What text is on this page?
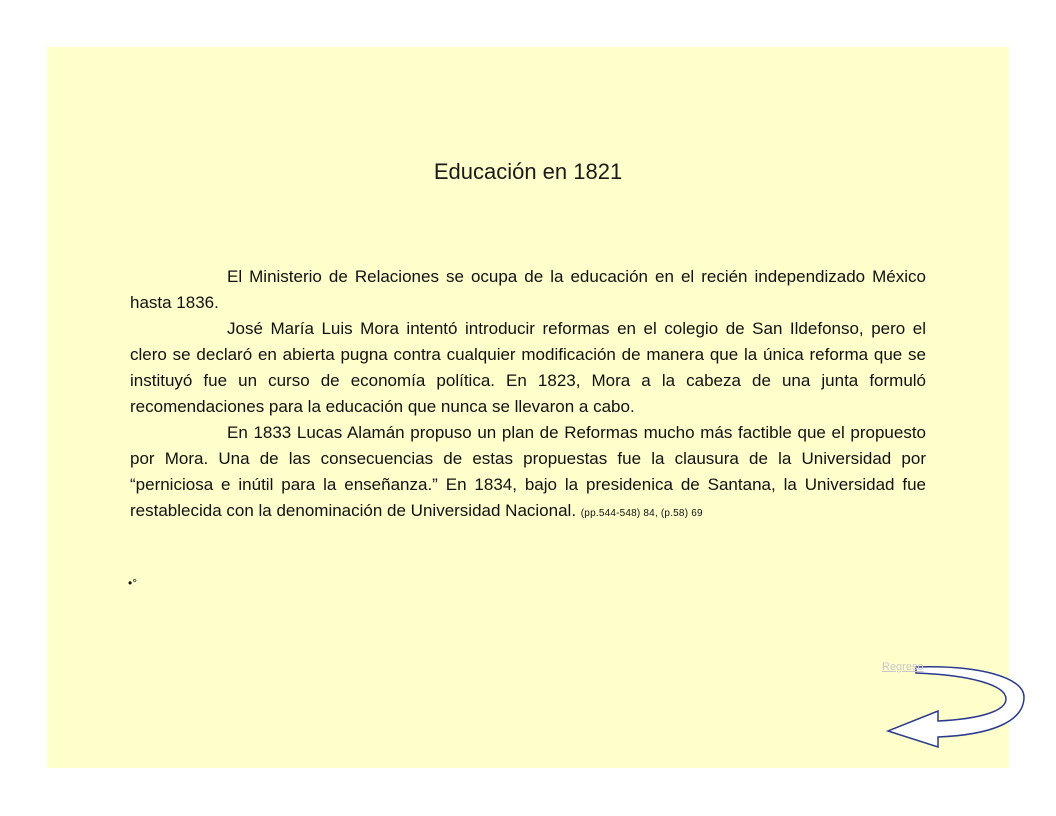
Educación en 1821

El Ministerio de Relaciones se ocupa de la educación en el recién independizado México hasta 1836.

José María Luis Mora intentó introducir reformas en el colegio de San Ildefonso, pero el clero se declaró en abierta pugna contra cualquier modificación de manera que la única reforma que se instituyó fue un curso de economía política. En 1823, Mora a la cabeza de una junta formuló recomendaciones para la educación que nunca se llevaron a cabo.

En 1833 Lucas Alamán propuso un plan de Reformas mucho más factible que el propuesto por Mora. Una de las consecuencias de estas propuestas fue la clausura de la Universidad por “perniciosa e inútil para la enseñanza.” En 1834, bajo la presidenica de Santana, la Universidad fue restablecida con la denominación de Universidad Nacional. (pp.544-548) 84, (p.58) 69

•°
Regreso
